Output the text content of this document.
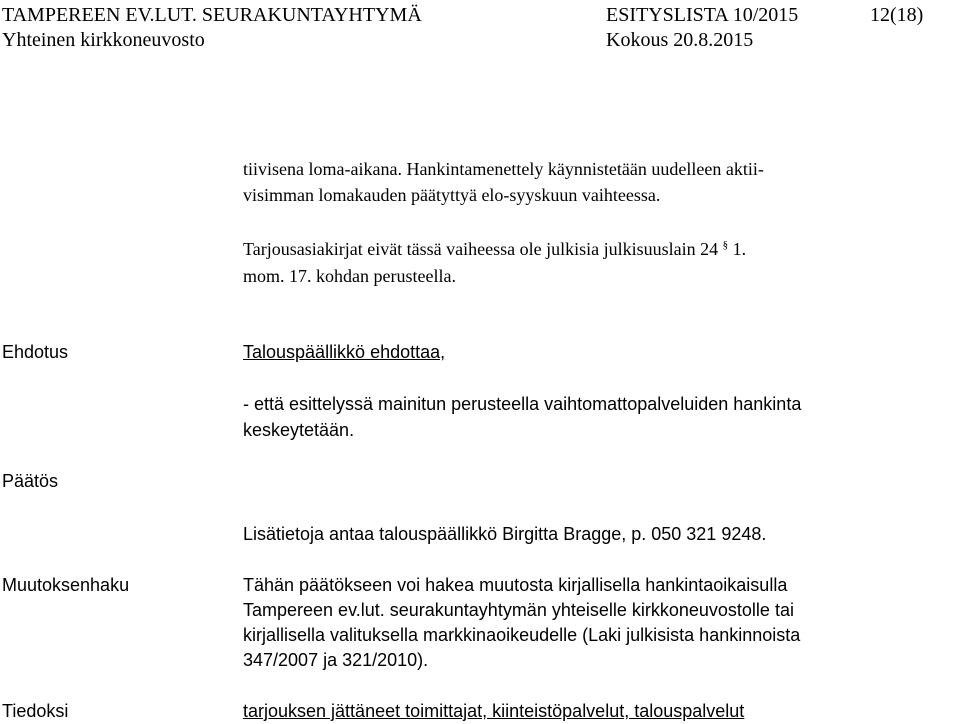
TAMPEREEN EV.LUT. SEURAKUNTAYHTYMÄ	ESITYSLISTA 10/2015	12(18)
Yhteinen kirkkoneuvosto	Kokous 20.8.2015
tiivisena loma-aikana. Hankintamenettely käynnistetään uudelleen aktii-
visimman lomakauden päätyttyä elo-syyskuun vaihteessa.
Tarjousasiakirjat eivät tässä vaiheessa ole julkisia julkisuuslain 24 § 1.
mom. 17. kohdan perusteella.
Ehdotus	Talouspäällikkö ehdottaa,
- että esittelyssä mainitun perusteella vaihtomattopalveluiden hankinta
keskeytetään.
Päätös
Lisätietoja antaa talouspäällikkö Birgitta Bragge, p. 050 321 9248.
Muutoksenhaku	Tähän päätökseen voi hakea muutosta kirjallisella hankintaoikaisulla
Tampereen ev.lut. seurakuntayhtymän yhteiselle kirkkoneuvostolle tai
kirjallisella valituksella markkinaoikeudelle (Laki julkisista hankinnoista
347/2007 ja 321/2010).
Tiedoksi	tarjouksen jättäneet toimittajat, kiinteistöpalvelut, talouspalvelut
